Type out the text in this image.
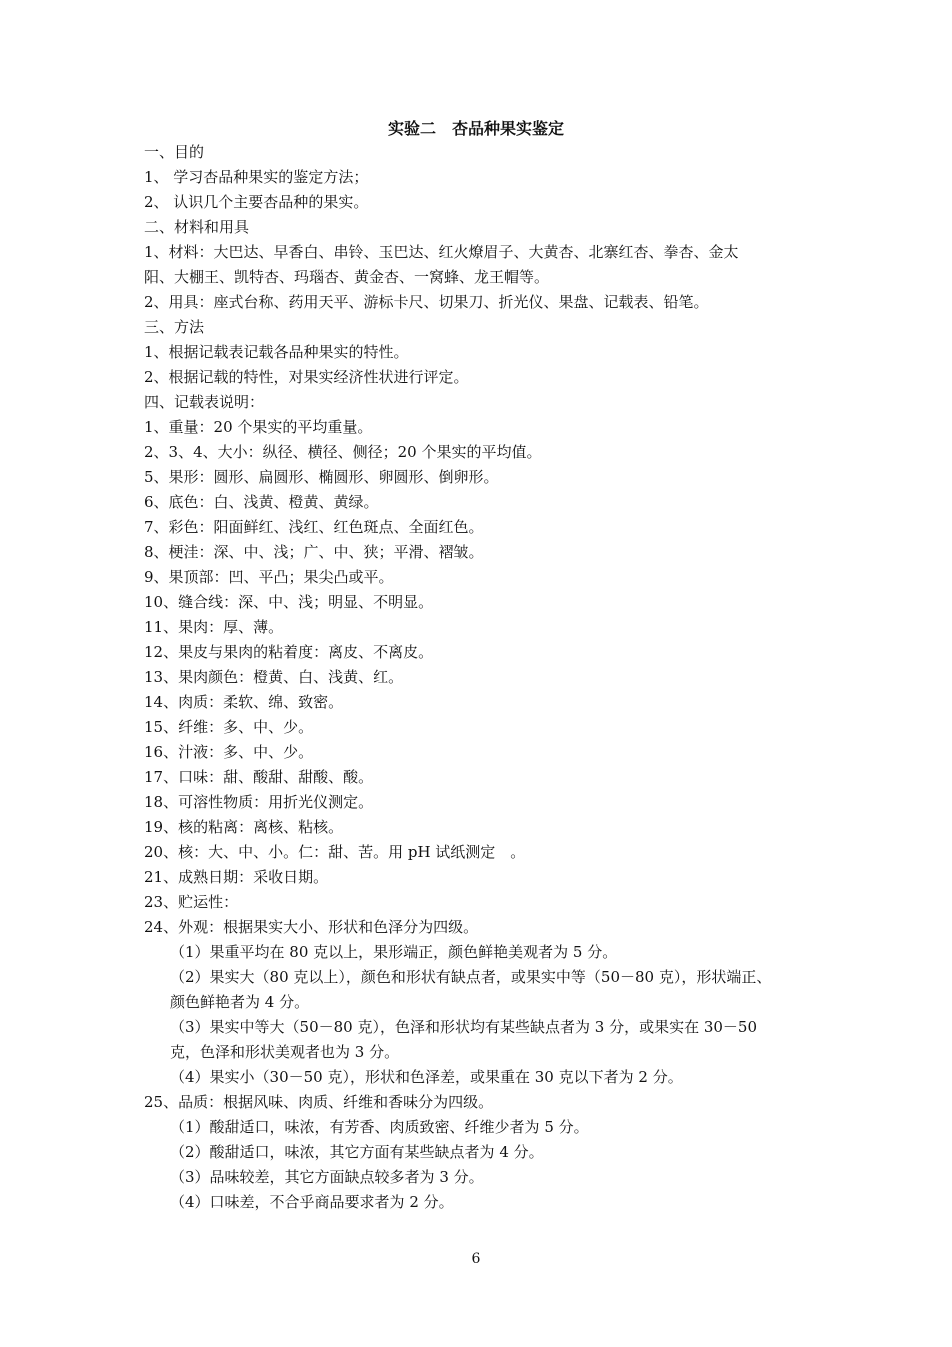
实验二　杏品种果实鉴定
一、目的
1、 学习杏品种果实的鉴定方法；
2、 认识几个主要杏品种的果实。
二、材料和用具
1、材料：大巴达、早香白、串铃、玉巴达、红火燎眉子、大黄杏、北寨红杏、拳杏、金太
阳、大棚王、凯特杏、玛瑙杏、黄金杏、一窝蜂、龙王帽等。
2、用具：座式台称、药用天平、游标卡尺、切果刀、折光仪、果盘、记载表、铅笔。
三、方法
1、根据记载表记载各品种果实的特性。
2、根据记载的特性，对果实经济性状进行评定。
四、记载表说明：
1、重量：20 个果实的平均重量。
2、3、4、大小：纵径、横径、侧径；20 个果实的平均值。
5、果形：圆形、扁圆形、椭圆形、卵圆形、倒卵形。
6、底色：白、浅黄、橙黄、黄绿。
7、彩色：阳面鲜红、浅红、红色斑点、全面红色。
8、梗洼：深、中、浅；广、中、狭；平滑、褶皱。
9、果顶部：凹、平凸；果尖凸或平。
10、缝合线：深、中、浅；明显、不明显。
11、果肉：厚、薄。
12、果皮与果肉的粘着度：离皮、不离皮。
13、果肉颜色：橙黄、白、浅黄、红。
14、肉质：柔软、绵、致密。
15、纤维：多、中、少。
16、汁液：多、中、少。
17、口味：甜、酸甜、甜酸、酸。
18、可溶性物质：用折光仪测定。
19、核的粘离：离核、粘核。
20、核：大、中、小。仁：甜、苦。用 pH 试纸测定　。
21、成熟日期：采收日期。
23、贮运性：
24、外观：根据果实大小、形状和色泽分为四级。
（1）果重平均在 80 克以上，果形端正，颜色鲜艳美观者为 5 分。
（2）果实大（80 克以上），颜色和形状有缺点者，或果实中等（50－80 克），形状端正、
颜色鲜艳者为 4 分。
（3）果实中等大（50－80 克），色泽和形状均有某些缺点者为 3 分，或果实在 30－50
克，色泽和形状美观者也为 3 分。
（4）果实小（30－50 克），形状和色泽差，或果重在 30 克以下者为 2 分。
25、品质：根据风味、肉质、纤维和香味分为四级。
（1）酸甜适口，味浓，有芳香、肉质致密、纤维少者为 5 分。
（2）酸甜适口，味浓，其它方面有某些缺点者为 4 分。
（3）品味较差，其它方面缺点较多者为 3 分。
（4）口味差，不合乎商品要求者为 2 分。
6
